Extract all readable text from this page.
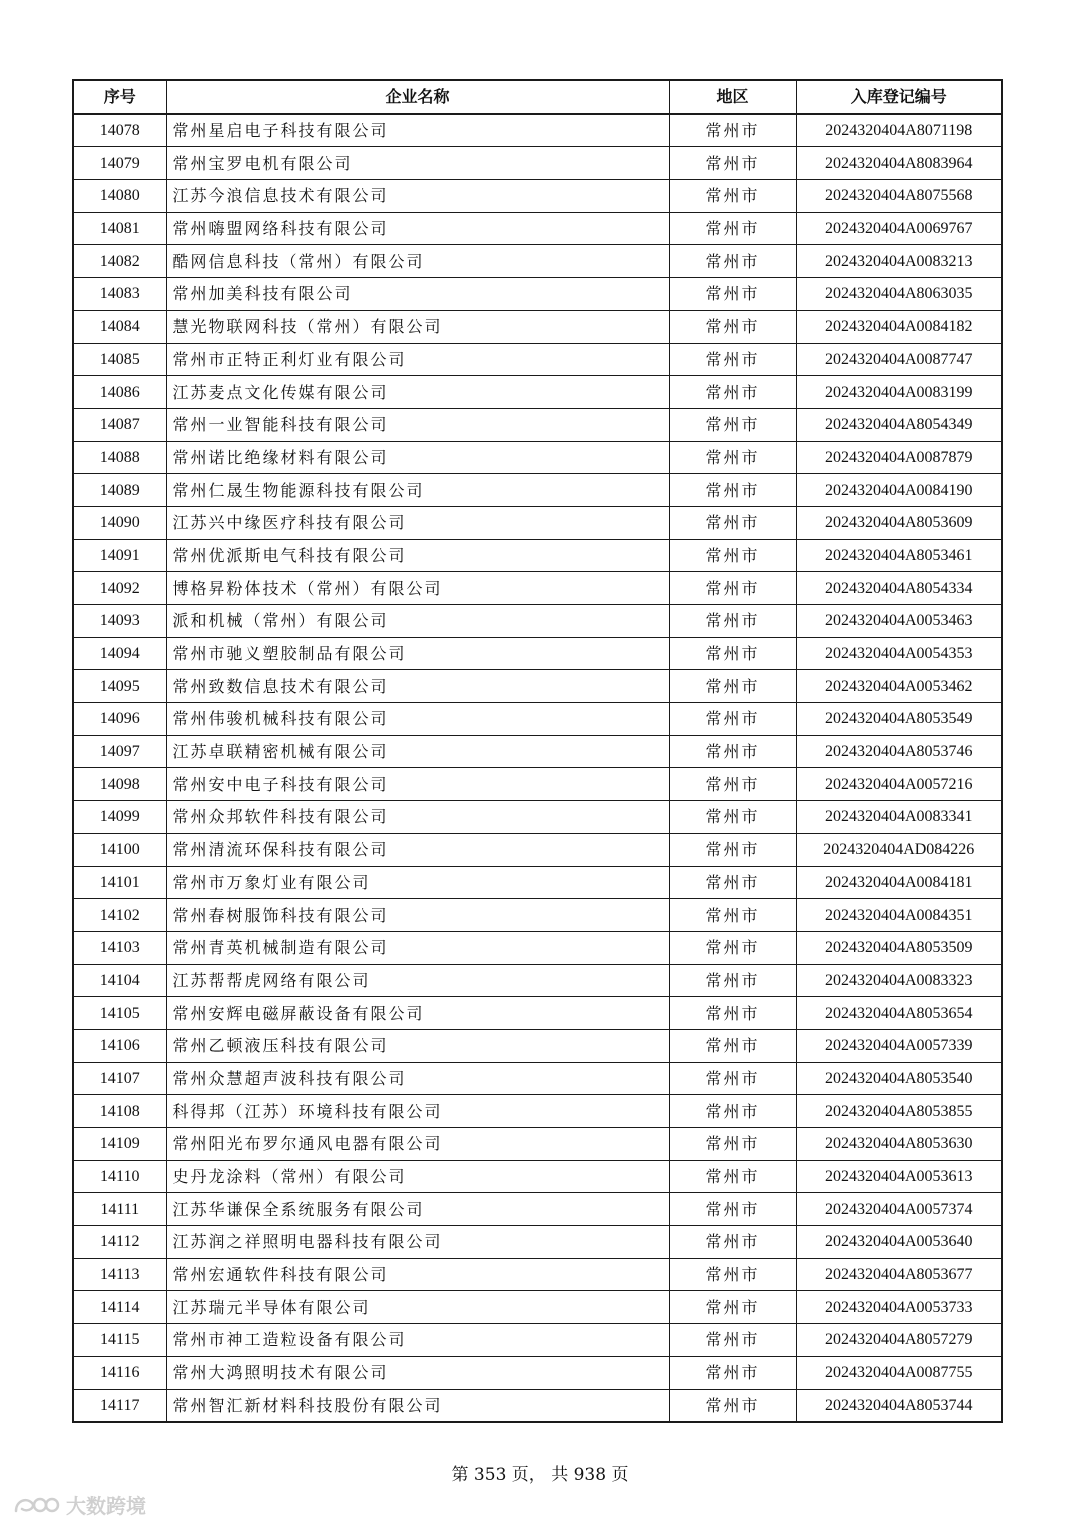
序号	企业名称	地区	入库登记编号
14078	常州星启电子科技有限公司	常州市	2024320404A8071198
14079	常州宝罗电机有限公司	常州市	2024320404A8083964
14080	江苏今浪信息技术有限公司	常州市	2024320404A8075568
14081	常州嗨盟网络科技有限公司	常州市	2024320404A0069767
14082	酷网信息科技（常州）有限公司	常州市	2024320404A0083213
14083	常州加美科技有限公司	常州市	2024320404A8063035
14084	慧光物联网科技（常州）有限公司	常州市	2024320404A0084182
14085	常州市正特正利灯业有限公司	常州市	2024320404A0087747
14086	江苏麦点文化传媒有限公司	常州市	2024320404A0083199
14087	常州一业智能科技有限公司	常州市	2024320404A8054349
14088	常州诺比绝缘材料有限公司	常州市	2024320404A0087879
14089	常州仁晟生物能源科技有限公司	常州市	2024320404A0084190
14090	江苏兴中缘医疗科技有限公司	常州市	2024320404A8053609
14091	常州优派斯电气科技有限公司	常州市	2024320404A8053461
14092	博格昇粉体技术（常州）有限公司	常州市	2024320404A8054334
14093	派和机械（常州）有限公司	常州市	2024320404A0053463
14094	常州市驰义塑胶制品有限公司	常州市	2024320404A0054353
14095	常州致数信息技术有限公司	常州市	2024320404A0053462
14096	常州伟骏机械科技有限公司	常州市	2024320404A8053549
14097	江苏卓联精密机械有限公司	常州市	2024320404A8053746
14098	常州安中电子科技有限公司	常州市	2024320404A0057216
14099	常州众邦软件科技有限公司	常州市	2024320404A0083341
14100	常州清流环保科技有限公司	常州市	2024320404AD084226
14101	常州市万象灯业有限公司	常州市	2024320404A0084181
14102	常州春树服饰科技有限公司	常州市	2024320404A0084351
14103	常州青英机械制造有限公司	常州市	2024320404A8053509
14104	江苏帮帮虎网络有限公司	常州市	2024320404A0083323
14105	常州安辉电磁屏蔽设备有限公司	常州市	2024320404A8053654
14106	常州乙顿液压科技有限公司	常州市	2024320404A0057339
14107	常州众慧超声波科技有限公司	常州市	2024320404A8053540
14108	科得邦（江苏）环境科技有限公司	常州市	2024320404A8053855
14109	常州阳光布罗尔通风电器有限公司	常州市	2024320404A8053630
14110	史丹龙涂料（常州）有限公司	常州市	2024320404A0053613
14111	江苏华谦保全系统服务有限公司	常州市	2024320404A0057374
14112	江苏润之祥照明电器科技有限公司	常州市	2024320404A0053640
14113	常州宏通软件科技有限公司	常州市	2024320404A8053677
14114	江苏瑞元半导体有限公司	常州市	2024320404A0053733
14115	常州市神工造粒设备有限公司	常州市	2024320404A8057279
14116	常州大鸿照明技术有限公司	常州市	2024320404A0087755
14117	常州智汇新材料科技股份有限公司	常州市	2024320404A8053744
第 353 页， 共 938 页
大数跨境
